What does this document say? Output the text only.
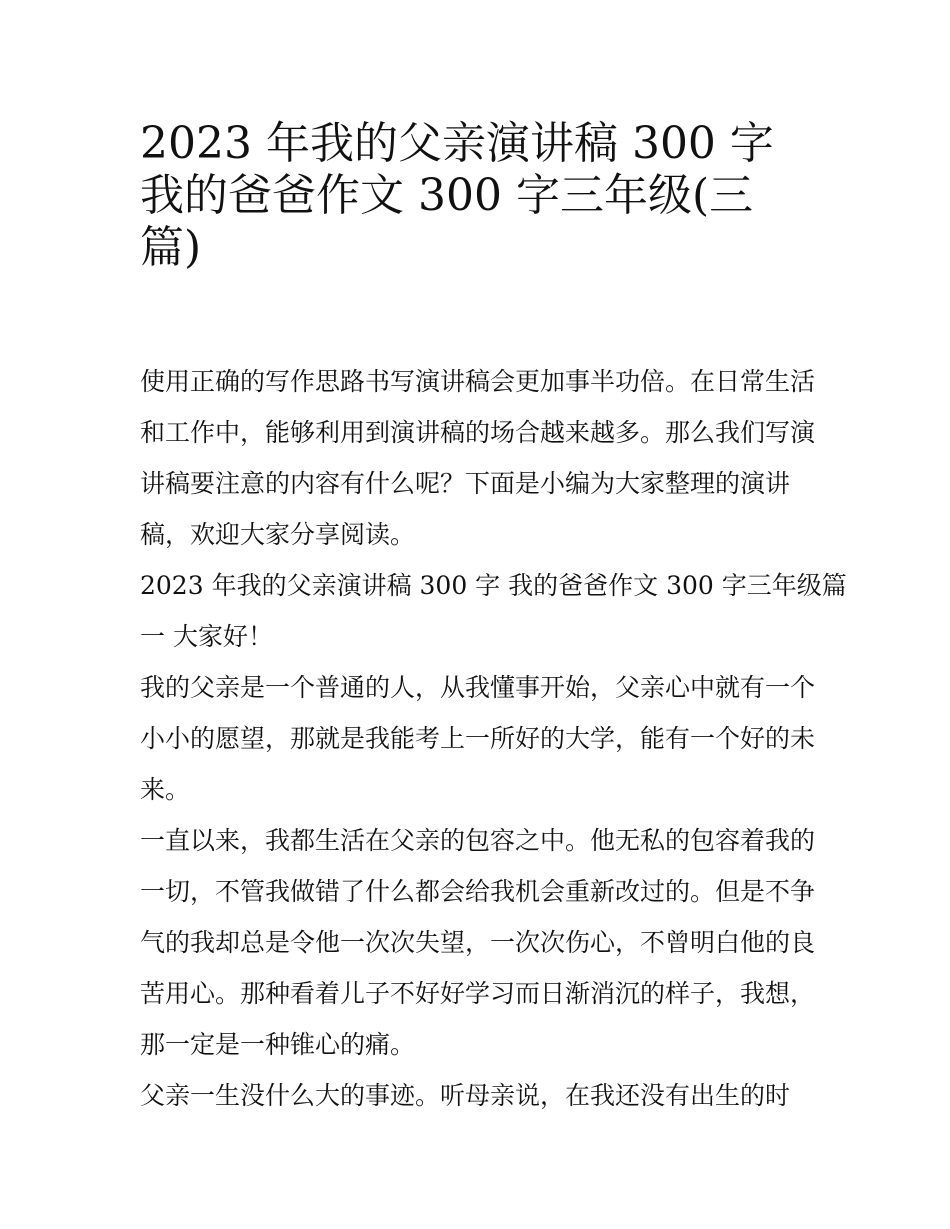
2023 年我的父亲演讲稿 300 字
我的爸爸作文 300 字三年级(三
篇)
使用正确的写作思路书写演讲稿会更加事半功倍。在日常生活
和工作中，能够利用到演讲稿的场合越来越多。那么我们写演
讲稿要注意的内容有什么呢？下面是小编为大家整理的演讲
稿，欢迎大家分享阅读。
2023 年我的父亲演讲稿 300 字 我的爸爸作文 300 字三年级篇
一 大家好！
我的父亲是一个普通的人，从我懂事开始，父亲心中就有一个
小小的愿望，那就是我能考上一所好的大学，能有一个好的未
来。
一直以来，我都生活在父亲的包容之中。他无私的包容着我的
一切，不管我做错了什么都会给我机会重新改过的。但是不争
气的我却总是令他一次次失望，一次次伤心，不曾明白他的良
苦用心。那种看着儿子不好好学习而日渐消沉的样子，我想，
那一定是一种锥心的痛。
父亲一生没什么大的事迹。听母亲说，在我还没有出生的时
